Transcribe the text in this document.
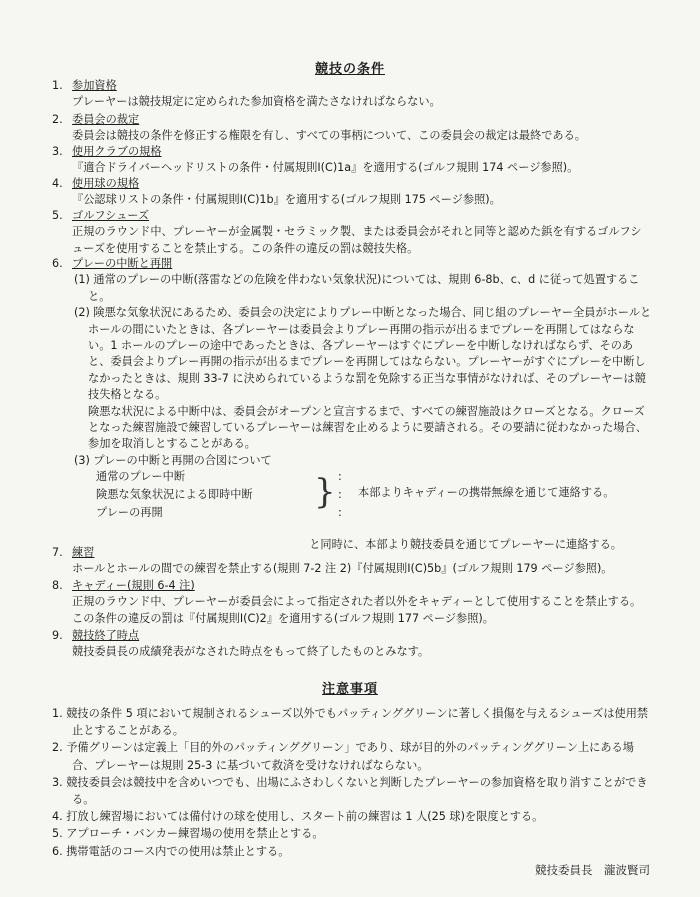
競技の条件
1. 参加資格
プレーヤーは競技規定に定められた参加資格を満たさなければならない。
2. 委員会の裁定
委員会は競技の条件を修正する権限を有し、すべての事柄について、この委員会の裁定は最終である。
3. 使用クラブの規格
『適合ドライバーヘッドリストの条件・付属規則Ⅰ(C)1a』を適用する(ゴルフ規則 174 ページ参照)。
4. 使用球の規格
『公認球リストの条件・付属規則Ⅰ(C)1b』を適用する(ゴルフ規則 175 ページ参照)。
5. ゴルフシューズ
正規のラウンド中、プレーヤーが金属製・セラミック製、または委員会がそれと同等と認めた鋲を有するゴルフシューズを使用することを禁止する。この条件の違反の罰は競技失格。
6. プレーの中断と再開
(1) 通常のプレーの中断(落雷などの危険を伴わない気象状況)については、規則 6-8b、c、d に従って処置すること。
(2) 険悪な気象状況にあるため、委員会の決定によりプレー中断となった場合、同じ組のプレーヤー全員がホールとホールの間にいたときは、各プレーヤーは委員会よりプレー再開の指示が出るまでプレーを再開してはならない。1 ホールのプレーの途中であったときは、各プレーヤーはすぐにプレーを中断しなければならず、そのあと、委員会よりプレー再開の指示が出るまでプレーを再開してはならない。プレーヤーがすぐにプレーを中断しなかったときは、規則 33-7 に決められているような罰を免除する正当な事情がなければ、そのプレーヤーは競技失格となる。
険悪な状況による中断中は、委員会がオープンと宣言するまで、すべての練習施設はクローズとなる。クローズとなった練習施設で練習しているプレーヤーは練習を止めるように要請される。その要請に従わなかった場合、参加を取消しとすることがある。
(3) プレーの中断と再開の合図について
通常のプレー中断
険悪な気象状況による即時中断
プレーの再開
} :
:
:
本部よりキャディーの携帯無線を通じて連絡する。
と同時に、本部より競技委員を通じてプレーヤーに連絡する。
7. 練習
ホールとホールの間での練習を禁止する(規則 7-2 注 2)『付属規則Ⅰ(C)5b』(ゴルフ規則 179 ページ参照)。
8. キャディー(規則 6-4 注)
正規のラウンド中、プレーヤーが委員会によって指定された者以外をキャディーとして使用することを禁止する。この条件の違反の罰は『付属規則Ⅰ(C)2』を適用する(ゴルフ規則 177 ページ参照)。
9. 競技終了時点
競技委員長の成績発表がなされた時点をもって終了したものとみなす。
注意事項
1. 競技の条件 5 項において規制されるシューズ以外でもパッティンググリーンに著しく損傷を与えるシューズは使用禁止とすることがある。
2. 予備グリーンは定義上「目的外のパッティンググリーン」であり、球が目的外のパッティンググリーン上にある場合、プレーヤーは規則 25-3 に基づいて救済を受けなければならない。
3. 競技委員会は競技中を含めいつでも、出場にふさわしくないと判断したプレーヤーの参加資格を取り消すことができる。
4. 打放し練習場においては備付けの球を使用し、スタート前の練習は 1 人(25 球)を限度とする。
5. アプローチ・バンカー練習場の使用を禁止とする。
6. 携帯電話のコース内での使用は禁止とする。
競技委員長　瀧波賢司
